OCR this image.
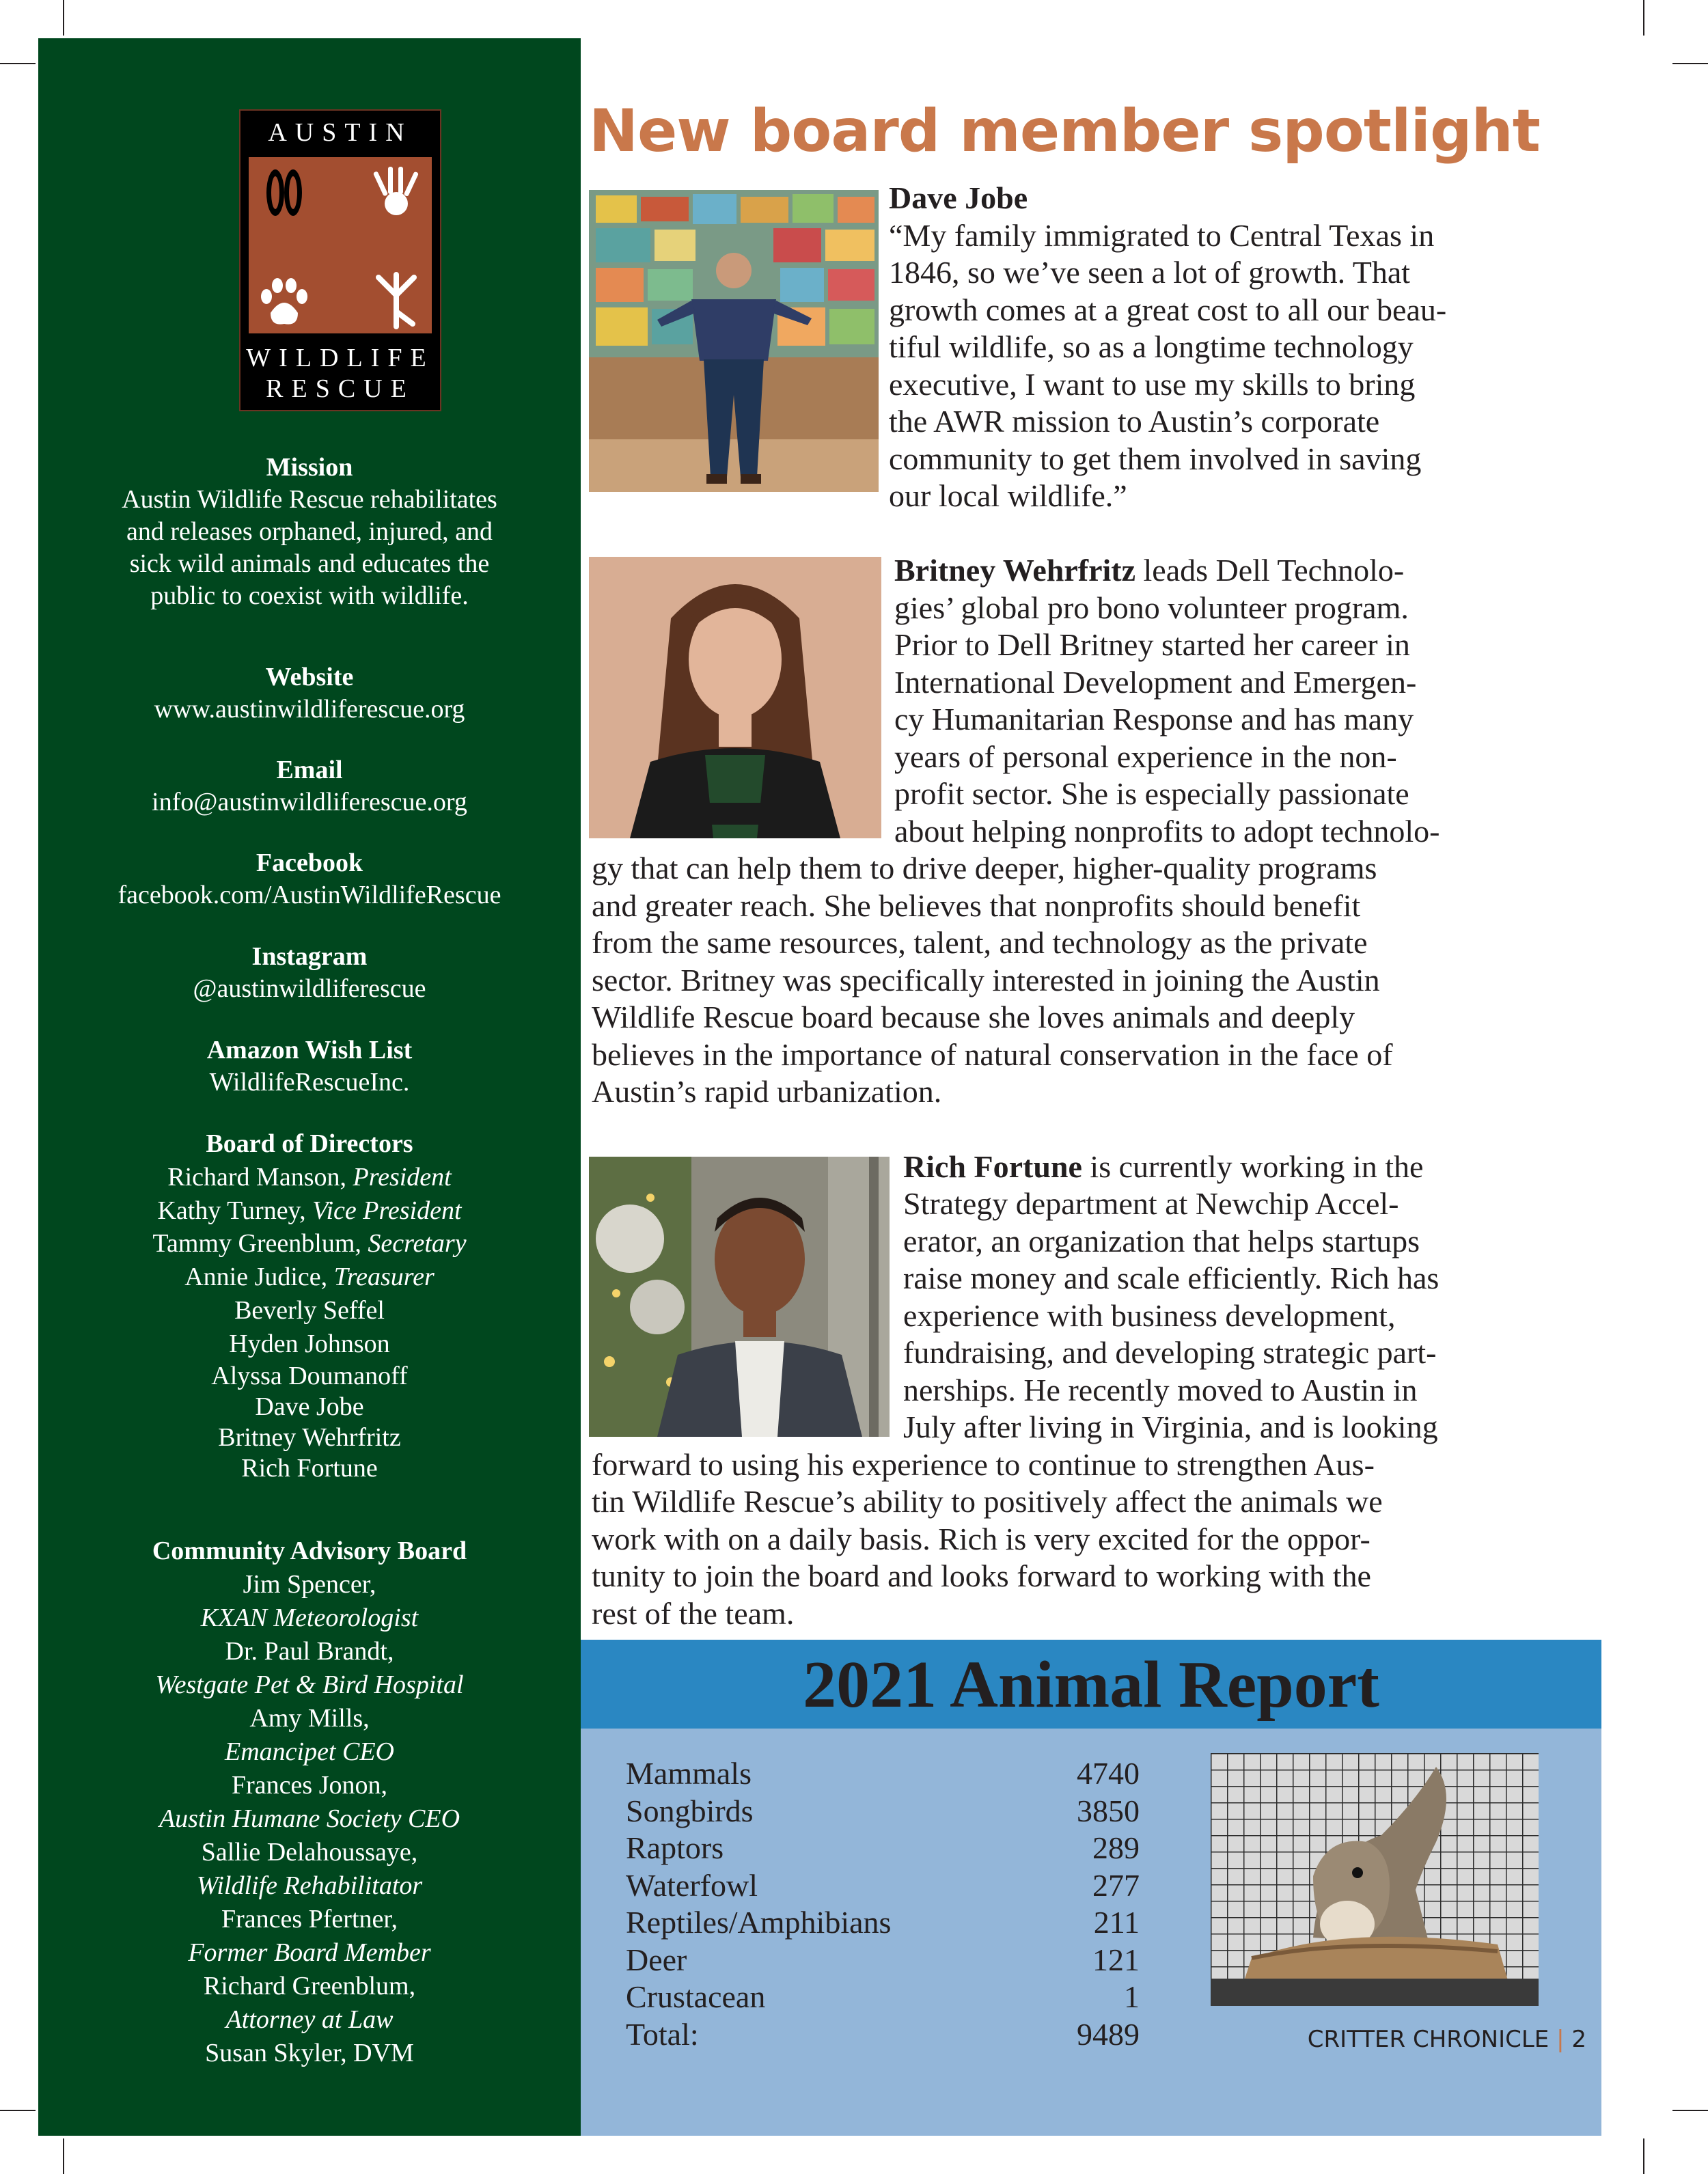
AUSTIN
WILDLIFE
RESCUE
Mission
Austin Wildlife Rescue rehabilitates
and releases orphaned, injured, and
sick wild animals and educates the
public to coexist with wildlife.
Website
www.austinwildliferescue.org
Email
info@austinwildliferescue.org
Facebook
facebook.com/AustinWildlifeRescue
Instagram
@austinwildliferescue
Amazon Wish List
WildlifeRescueInc.
Board of Directors
Richard Manson, President
Kathy Turney, Vice President
Tammy Greenblum, Secretary
Annie Judice, Treasurer
Beverly Seffel
Hyden Johnson
Alyssa Doumanoff
Dave Jobe
Britney Wehrfritz
Rich Fortune
Community Advisory Board
Jim Spencer,
KXAN Meteorologist
Dr. Paul Brandt,
Westgate Pet & Bird Hospital
Amy Mills,
Emancipet CEO
Frances Jonon,
Austin Humane Society CEO
Sallie Delahoussaye,
Wildlife Rehabilitator
Frances Pfertner,
Former Board Member
Richard Greenblum,
Attorney at Law
Susan Skyler, DVM
New board member spotlight
Dave Jobe
“My family immigrated to Central Texas in
1846, so we’ve seen a lot of growth. That
growth comes at a great cost to all our beau-
tiful wildlife, so as a longtime technology
executive, I want to use my skills to bring
the AWR mission to Austin’s corporate
community to get them involved in saving
our local wildlife.”
Britney Wehrfritz leads Dell Technolo-
gies’ global pro bono volunteer program.
Prior to Dell Britney started her career in
International Development and Emergen-
cy Humanitarian Response and has many
years of personal experience in the non-
profit sector. She is especially passionate
about helping nonprofits to adopt technolo-
gy that can help them to drive deeper, higher-quality programs
and greater reach. She believes that nonprofits should benefit
from the same resources, talent, and technology as the private
sector. Britney was specifically interested in joining the Austin
Wildlife Rescue board because she loves animals and deeply
believes in the importance of natural conservation in the face of
Austin’s rapid urbanization.
Rich Fortune is currently working in the
Strategy department at Newchip Accel-
erator, an organization that helps startups
raise money and scale efficiently. Rich has
experience with business development,
fundraising, and developing strategic part-
nerships. He recently moved to Austin in
July after living in Virginia, and is looking
forward to using his experience to continue to strengthen Aus-
tin Wildlife Rescue’s ability to positively affect the animals we
work with on a daily basis. Rich is very excited for the oppor-
tunity to join the board and looks forward to working with the
rest of the team.
2021 Animal Report
Mammals	4740
Songbirds	3850
Raptors	289
Waterfowl	277
Reptiles/Amphibians	211
Deer	121
Crustacean	1
Total:	9489	CRITTER CHRONICLE | 2
